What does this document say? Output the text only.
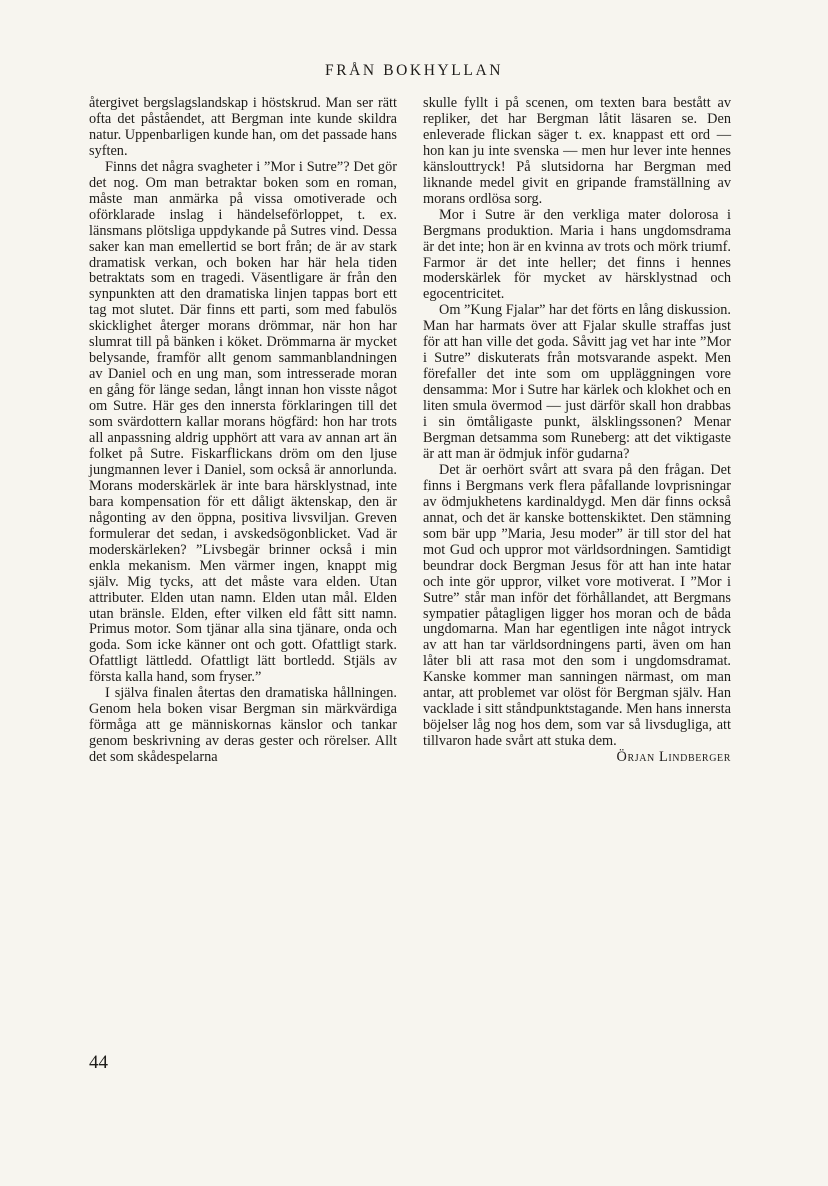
FRÅN BOKHYLLAN

återgivet bergslagslandskap i höstskrud. Man ser rätt ofta det påståendet, att Bergman inte kunde skildra natur. Uppenbarligen kunde han, om det passade hans syften.

Finns det några svagheter i ”Mor i Sutre”? Det gör det nog. Om man betraktar boken som en roman, måste man anmärka på vissa omotiverade och oförklarade inslag i händelseförloppet, t. ex. länsmans plötsliga uppdykande på Sutres vind. Dessa saker kan man emellertid se bort från; de är av stark dramatisk verkan, och boken har här hela tiden betraktats som en tragedi. Väsentligare är från den synpunkten att den dramatiska linjen tappas bort ett tag mot slutet. Där finns ett parti, som med fabulös skicklighet återger morans drömmar, när hon har slumrat till på bänken i köket. Drömmarna är mycket belysande, framför allt genom sammanblandningen av Daniel och en ung man, som intresserade moran en gång för länge sedan, långt innan hon visste något om Sutre. Här ges den innersta förklaringen till det som svärdottern kallar morans högfärd: hon har trots all anpassning aldrig upphört att vara av annan art än folket på Sutre. Fiskarflickans dröm om den ljuse jungmannen lever i Daniel, som också är annorlunda. Morans moderskärlek är inte bara härsklystnad, inte bara kompensation för ett dåligt äktenskap, den är någonting av den öppna, positiva livsviljan. Greven formulerar det sedan, i avskedsögonblicket. Vad är moderskärleken? ”Livsbegär brinner också i min enkla mekanism. Men värmer ingen, knappt mig själv. Mig tycks, att det måste vara elden. Utan attributer. Elden utan namn. Elden utan mål. Elden utan bränsle. Elden, efter vilken eld fått sitt namn. Primus motor. Som tjänar alla sina tjänare, onda och goda. Som icke känner ont och gott. Ofattligt stark. Ofattligt lättledd. Ofattligt lätt bortledd. Stjäls av första kalla hand, som fryser.”

I själva finalen återtas den dramatiska hållningen. Genom hela boken visar Bergman sin märkvärdiga förmåga att ge människornas känslor och tankar genom beskrivning av deras gester och rörelser. Allt det som skådespelarna

skulle fyllt i på scenen, om texten bara bestått av repliker, det har Bergman låtit läsaren se. Den enleverade flickan säger t. ex. knappast ett ord — hon kan ju inte svenska — men hur lever inte hennes känslouttryck! På slutsidorna har Bergman med liknande medel givit en gripande framställning av morans ordlösa sorg.

Mor i Sutre är den verkliga mater dolorosa i Bergmans produktion. Maria i hans ungdomsdrama är det inte; hon är en kvinna av trots och mörk triumf. Farmor är det inte heller; det finns i hennes moderskärlek för mycket av härsklystnad och egocentricitet.

Om ”Kung Fjalar” har det förts en lång diskussion. Man har harmats över att Fjalar skulle straffas just för att han ville det goda. Såvitt jag vet har inte ”Mor i Sutre” diskuterats från motsvarande aspekt. Men förefaller det inte som om uppläggningen vore densamma: Mor i Sutre har kärlek och klokhet och en liten smula övermod — just därför skall hon drabbas i sin ömtåligaste punkt, älsklingssonen? Menar Bergman detsamma som Runeberg: att det viktigaste är att man är ödmjuk inför gudarna?

Det är oerhört svårt att svara på den frågan. Det finns i Bergmans verk flera påfallande lovprisningar av ödmjukhetens kardinaldygd. Men där finns också annat, och det är kanske bottenskiktet. Den stämning som bär upp ”Maria, Jesu moder” är till stor del hat mot Gud och uppror mot världsordningen. Samtidigt beundrar dock Bergman Jesus för att han inte hatar och inte gör uppror, vilket vore motiverat. I ”Mor i Sutre” står man inför det förhållandet, att Bergmans sympatier påtagligen ligger hos moran och de båda ungdomarna. Man har egentligen inte något intryck av att han tar världsordningens parti, även om han låter bli att rasa mot den som i ungdomsdramat. Kanske kommer man sanningen närmast, om man antar, att problemet var olöst för Bergman själv. Han vacklade i sitt ståndpunktstagande. Men hans innersta böjelser låg nog hos dem, som var så livsdugliga, att tillvaron hade svårt att stuka dem.

Örjan Lindberger
44
